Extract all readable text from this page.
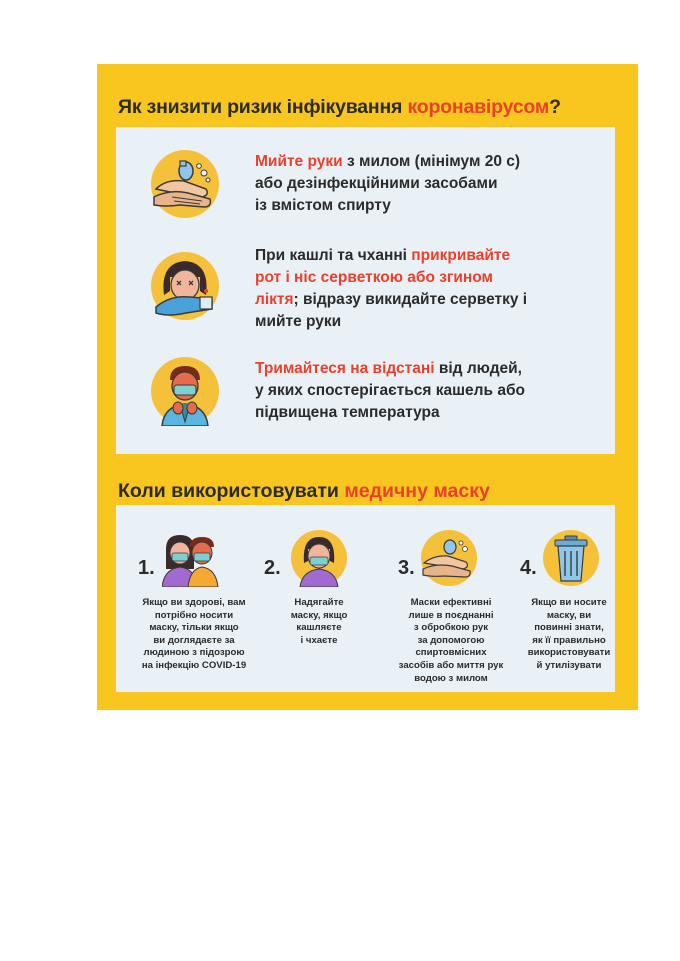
Як знизити ризик інфікування коронавірусом?
Мийте руки з милом (мінімум 20 с)
або дезінфекційними засобами
із вмістом спирту
При кашлі та чханні прикривайте
рот і ніс серветкою або згином
ліктя; відразу викидайте серветку і
мийте руки
Тримайтеся на відстані від людей,
у яких спостерігається кашель або
підвищена температура
Коли використовувати медичну маску
1.
Якщо ви здорові, вам
потрібно носити
маску, тільки якщо
ви доглядаєте за
людиною з підозрою
на інфекцію COVID-19
2.
Надягайте
маску, якщо
кашляєте
і чхаєте
3.
Маски ефективні
лише в поєднанні
з обробкою рук
за допомогою
спиртовмісних
засобів або миття рук
водою з милом
4.
Якщо ви носите
маску, ви
повинні знати,
як її правильно
використовувати
й утилізувати
